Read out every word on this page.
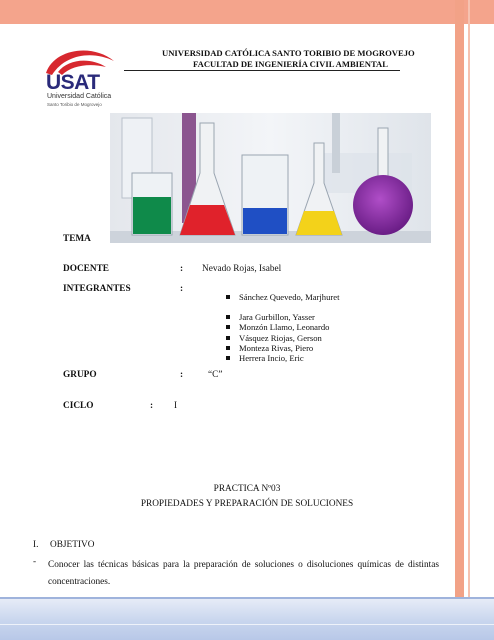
USAT
Universidad Católica
Santo Toribio de Mogrovejo
UNIVERSIDAD CATÓLICA SANTO TORIBIO DE MOGROVEJO
FACULTAD DE INGENIERÍA CIVIL AMBIENTAL
TEMA
DOCENTE	: Nevado Rojas, Isabel
INTEGRANTES	:
Sánchez Quevedo, Marjhuret
Jara Gurbillon, Yasser
Monzón Llamo, Leonardo
Vásquez Riojas, Gerson
Monteza Rivas, Piero
Herrera Incio, Eric
GRUPO	:	“C”
CICLO	: I
PRACTICA Nº03
PROPIEDADES Y PREPARACIÓN DE SOLUCIONES
I. OBJETIVO
- Conocer las técnicas básicas para la preparación de soluciones o disoluciones químicas de distintas concentraciones.
